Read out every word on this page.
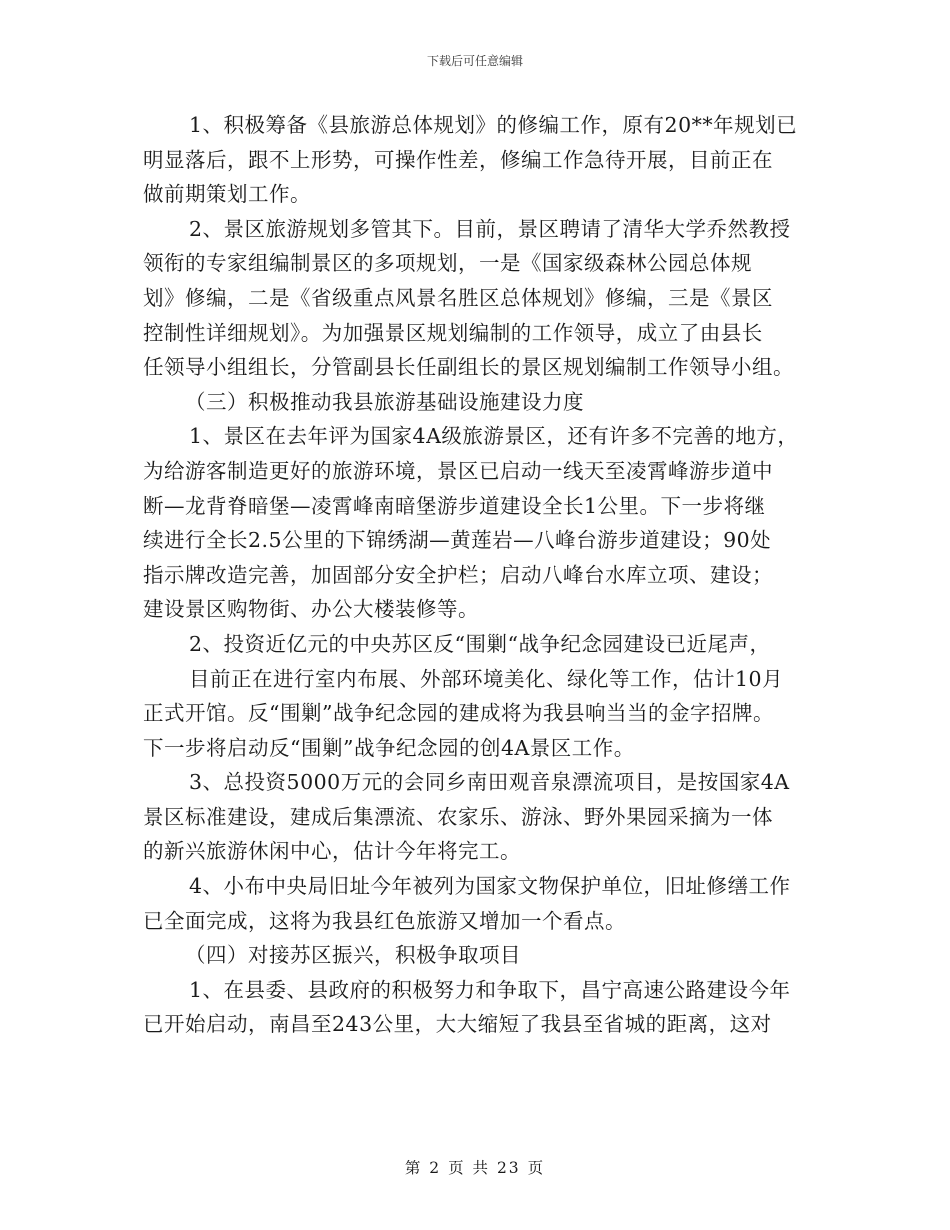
下载后可任意编辑
1、积极筹备《县旅游总体规划》的修编工作，原有20**年规划已
明显落后，跟不上形势，可操作性差，修编工作急待开展，目前正在
做前期策划工作。
2、景区旅游规划多管其下。目前，景区聘请了清华大学乔然教授
领衔的专家组编制景区的多项规划，一是《国家级森林公园总体规
划》修编，二是《省级重点风景名胜区总体规划》修编，三是《景区
控制性详细规划》。为加强景区规划编制的工作领导，成立了由县长
任领导小组组长，分管副县长任副组长的景区规划编制工作领导小组。
（三）积极推动我县旅游基础设施建设力度
1、景区在去年评为国家4A级旅游景区，还有许多不完善的地方，
为给游客制造更好的旅游环境，景区已启动一线天至凌霄峰游步道中
断—龙背脊暗堡—凌霄峰南暗堡游步道建设全长1公里。下一步将继
续进行全长2.5公里的下锦绣湖—黄莲岩—八峰台游步道建设；90处
指示牌改造完善，加固部分安全护栏；启动八峰台水库立项、建设；
建设景区购物街、办公大楼装修等。
2、投资近亿元的中央苏区反“围剿“战争纪念园建设已近尾声，
目前正在进行室内布展、外部环境美化、绿化等工作，估计10月
正式开馆。反“围剿”战争纪念园的建成将为我县响当当的金字招牌。
下一步将启动反“围剿”战争纪念园的创4A景区工作。
3、总投资5000万元的会同乡南田观音泉漂流项目，是按国家4A
景区标准建设，建成后集漂流、农家乐、游泳、野外果园采摘为一体
的新兴旅游休闲中心，估计今年将完工。
4、小布中央局旧址今年被列为国家文物保护单位，旧址修缮工作
已全面完成，这将为我县红色旅游又增加一个看点。
（四）对接苏区振兴，积极争取项目
1、在县委、县政府的积极努力和争取下，昌宁高速公路建设今年
已开始启动，南昌至243公里，大大缩短了我县至省城的距离，这对
第 2 页 共 23 页
